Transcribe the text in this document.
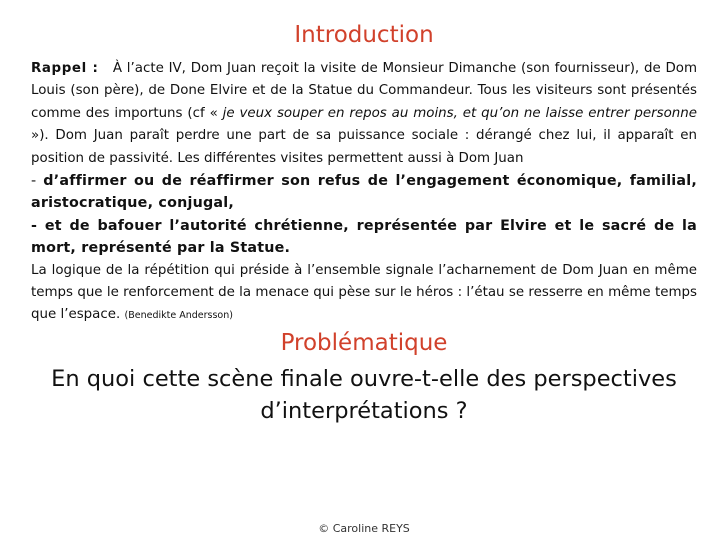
Introduction

Rappel : À l’acte IV, Dom Juan reçoit la visite de Monsieur Dimanche (son fournisseur), de Dom Louis (son père), de Done Elvire et de la Statue du Commandeur. Tous les visiteurs sont présentés comme des importuns (cf « je veux souper en repos au moins, et qu’on ne laisse entrer personne »). Dom Juan paraît perdre une part de sa puissance sociale : dérangé chez lui, il apparaît en position de passivité. Les différentes visites permettent aussi à Dom Juan

- d’affirmer ou de réaffirmer son refus de l’engagement économique, familial, aristocratique, conjugal,

- et de bafouer l’autorité chrétienne, représentée par Elvire et le sacré de la mort, représenté par la Statue.

La logique de la répétition qui préside à l’ensemble signale l’acharnement de Dom Juan en même temps que le renforcement de la menace qui pèse sur le héros : l’étau se resserre en même temps que l’espace. (Benedikte Andersson)

Problématique
En quoi cette scène finale ouvre-t-elle des perspectives d’interprétations ?
© Caroline REYS
